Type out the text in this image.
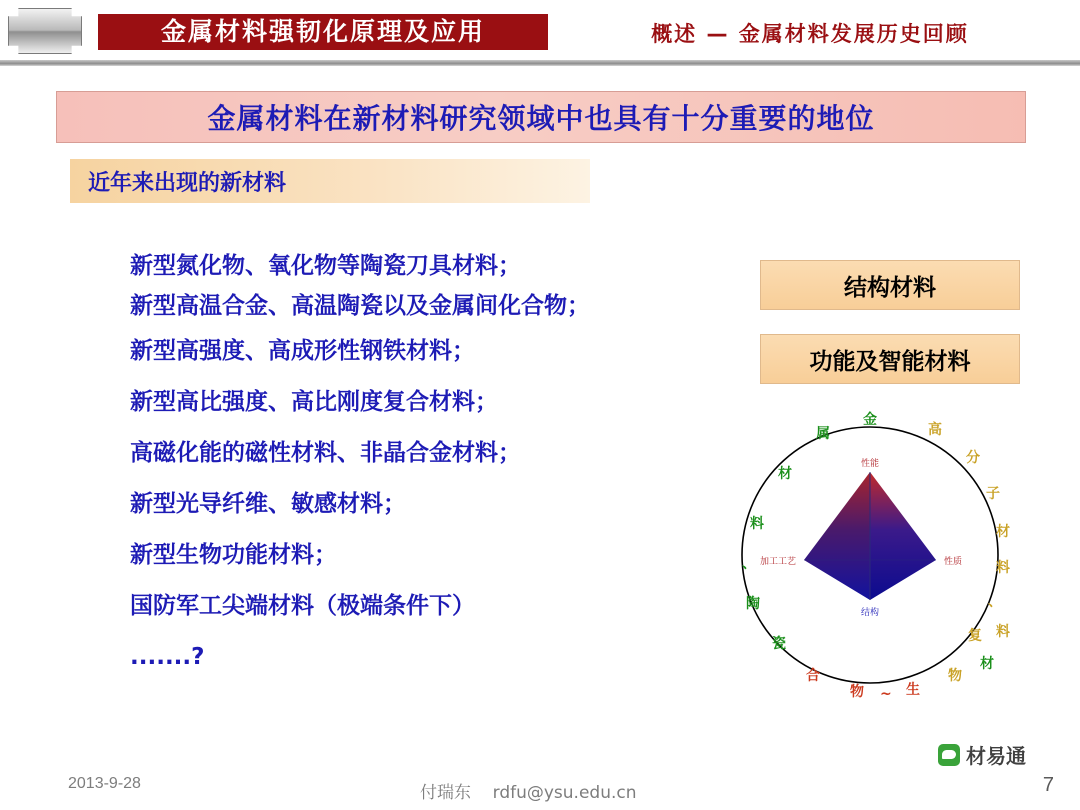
金属材料强韧化原理及应用	概述 — 金属材料发展历史回顾
金属材料在新材料研究领域中也具有十分重要的地位
近年来出现的新材料
新型氮化物、氧化物等陶瓷刀具材料；
新型高温合金、高温陶瓷以及金属间化合物；
新型高强度、高成形性钢铁材料；
新型高比强度、高比刚度复合材料；
高磁化能的磁性材料、非晶合金材料；
新型光导纤维、敏感材料；
新型生物功能材料；
国防军工尖端材料（极端条件下）
.......?
结构材料
功能及智能材料
性能
加工工艺	性质
结构
金
属
材
料
、
陶
瓷
高
分
子
材
料
、
复
合
物 ~ 生
物
材
料
2013-9-28	付瑞东 rdfu@ysu.edu.cn
材易通
7
